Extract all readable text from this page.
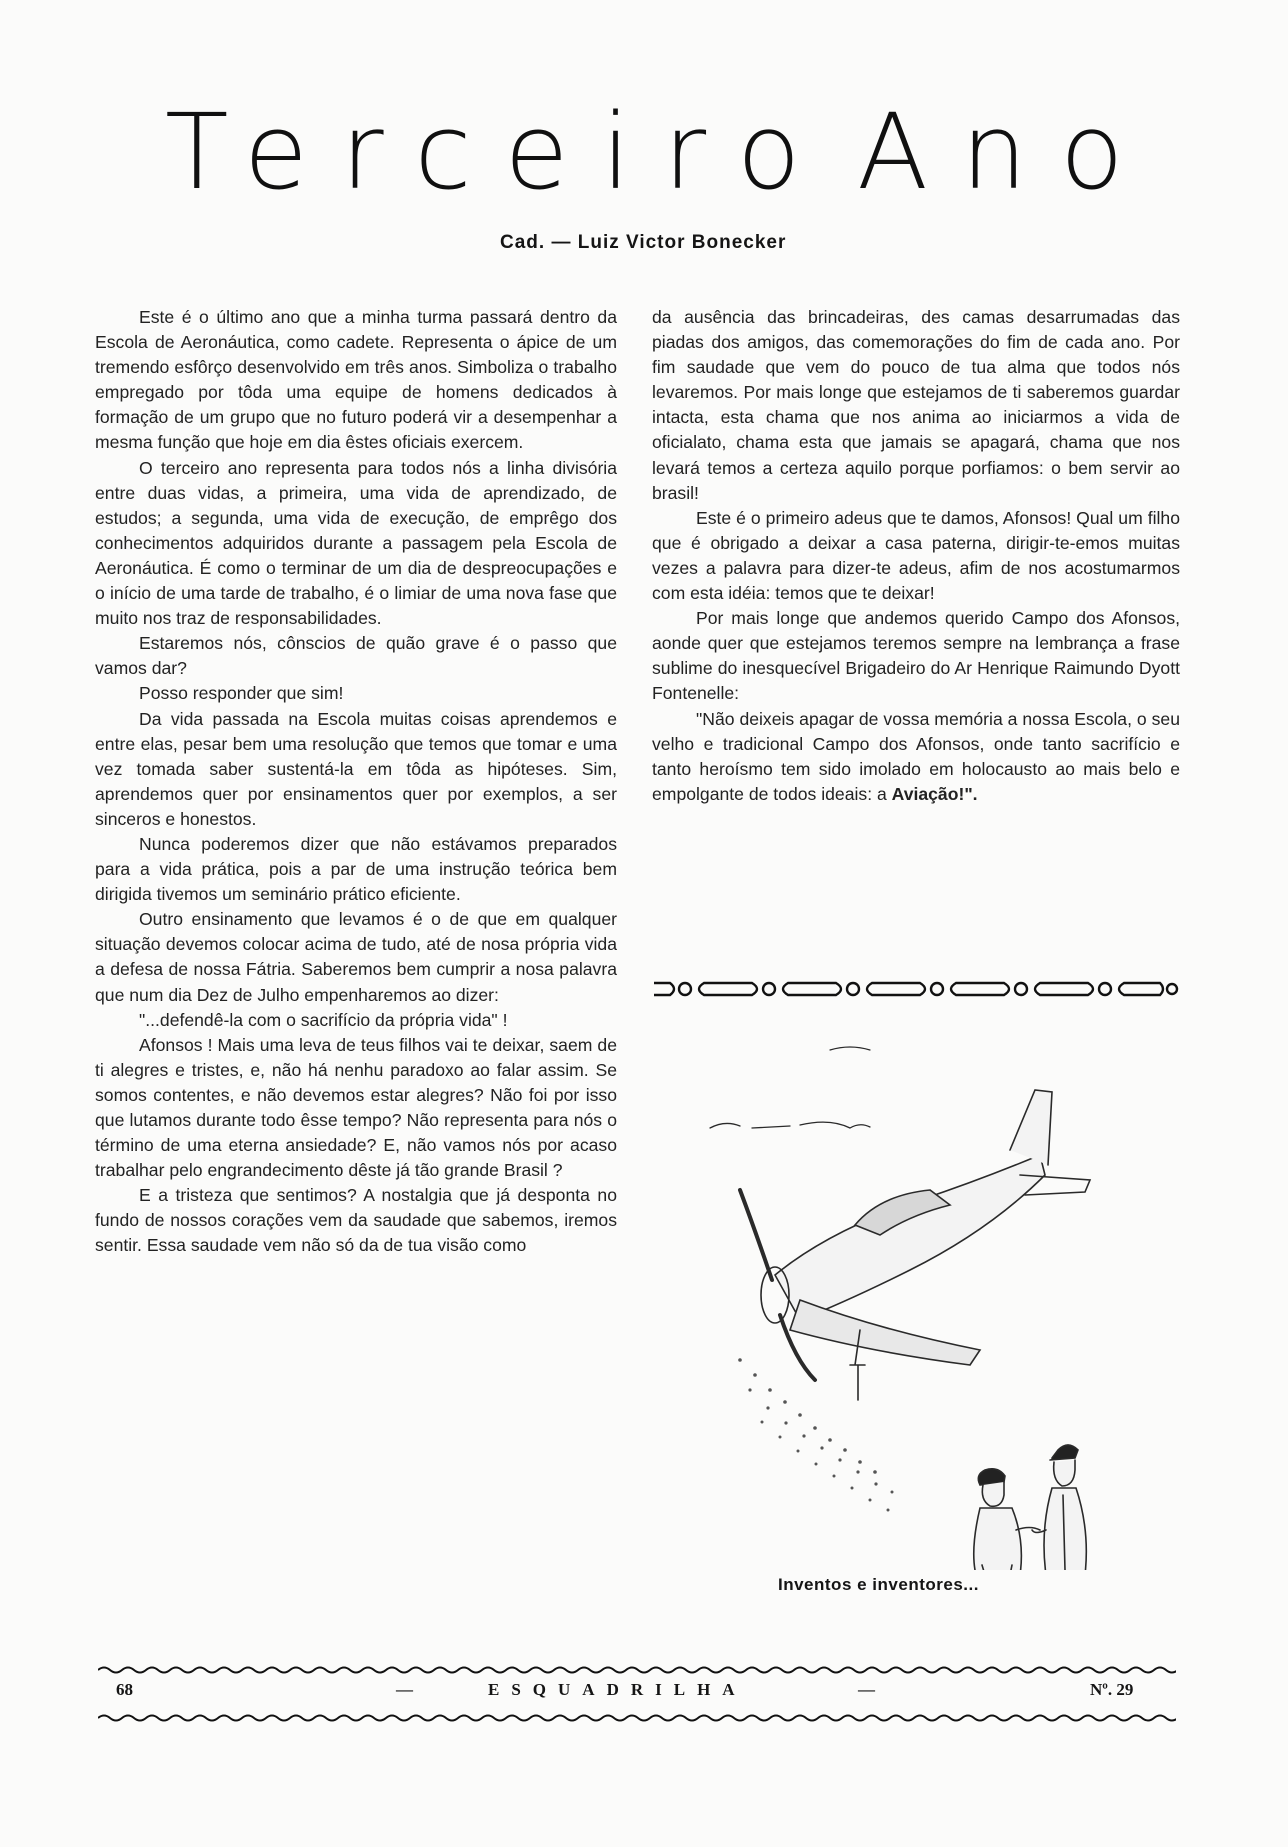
Terceiro Ano
Cad. — Luiz Victor Bonecker

Este é o último ano que a minha turma passará dentro da Escola de Aeronáutica, como cadete. Representa o ápice de um tremendo esfôrço desenvolvido em três anos. Simboliza o trabalho empregado por tôda uma equipe de homens dedicados à formação de um grupo que no futuro poderá vir a desempenhar a mesma função que hoje em dia êstes oficiais exercem.

O terceiro ano representa para todos nós a linha divisória entre duas vidas, a primeira, uma vida de aprendizado, de estudos; a segunda, uma vida de execução, de emprêgo dos conhecimentos adquiridos durante a passagem pela Escola de Aeronáutica. É como o terminar de um dia de despreocupações e o início de uma tarde de trabalho, é o limiar de uma nova fase que muito nos traz de responsabilidades.

Estaremos nós, cônscios de quão grave é o passo que vamos dar?

Posso responder que sim!

Da vida passada na Escola muitas coisas aprendemos e entre elas, pesar bem uma resolução que temos que tomar e uma vez tomada saber sustentá-la em tôda as hipóteses. Sim, aprendemos quer por ensinamentos quer por exemplos, a ser sinceros e honestos.

Nunca poderemos dizer que não estávamos preparados para a vida prática, pois a par de uma instrução teórica bem dirigida tivemos um seminário prático eficiente.

Outro ensinamento que levamos é o de que em qualquer situação devemos colocar acima de tudo, até de nosa própria vida a defesa de nossa Fátria. Saberemos bem cumprir a nosa palavra que num dia Dez de Julho empenharemos ao dizer:

"...defendê-la com o sacrifício da própria vida" !

Afonsos ! Mais uma leva de teus filhos vai te deixar, saem de ti alegres e tristes, e, não há nenhu paradoxo ao falar assim. Se somos contentes, e não devemos estar alegres? Não foi por isso que lutamos durante todo êsse tempo? Não representa para nós o término de uma eterna ansiedade? E, não vamos nós por acaso trabalhar pelo engrandecimento dêste já tão grande Brasil ?

E a tristeza que sentimos? A nostalgia que já desponta no fundo de nossos corações vem da saudade que sabemos, iremos sentir. Essa saudade vem não só da de tua visão como

da ausência das brincadeiras, des camas desarrumadas das piadas dos amigos, das comemorações do fim de cada ano. Por fim saudade que vem do pouco de tua alma que todos nós levaremos. Por mais longe que estejamos de ti saberemos guardar intacta, esta chama que nos anima ao iniciarmos a vida de oficialato, chama esta que jamais se apagará, chama que nos levará temos a certeza aquilo porque porfiamos: o bem servir ao brasil!

Este é o primeiro adeus que te damos, Afonsos! Qual um filho que é obrigado a deixar a casa paterna, dirigir-te-emos muitas vezes a palavra para dizer-te adeus, afim de nos acostumarmos com esta idéia: temos que te deixar!

Por mais longe que andemos querido Campo dos Afonsos, aonde quer que estejamos teremos sempre na lembrança a frase sublime do inesquecível Brigadeiro do Ar Henrique Raimundo Dyott Fontenelle:

"Não deixeis apagar de vossa memória a nossa Escola, o seu velho e tradicional Campo dos Afonsos, onde tanto sacrifício e tanto heroísmo tem sido imolado em holocausto ao mais belo e empolgante de todos ideais: a Aviação!".

Inventos e inventores...
68	—	ESQUADRILHA	—	Nº. 29
